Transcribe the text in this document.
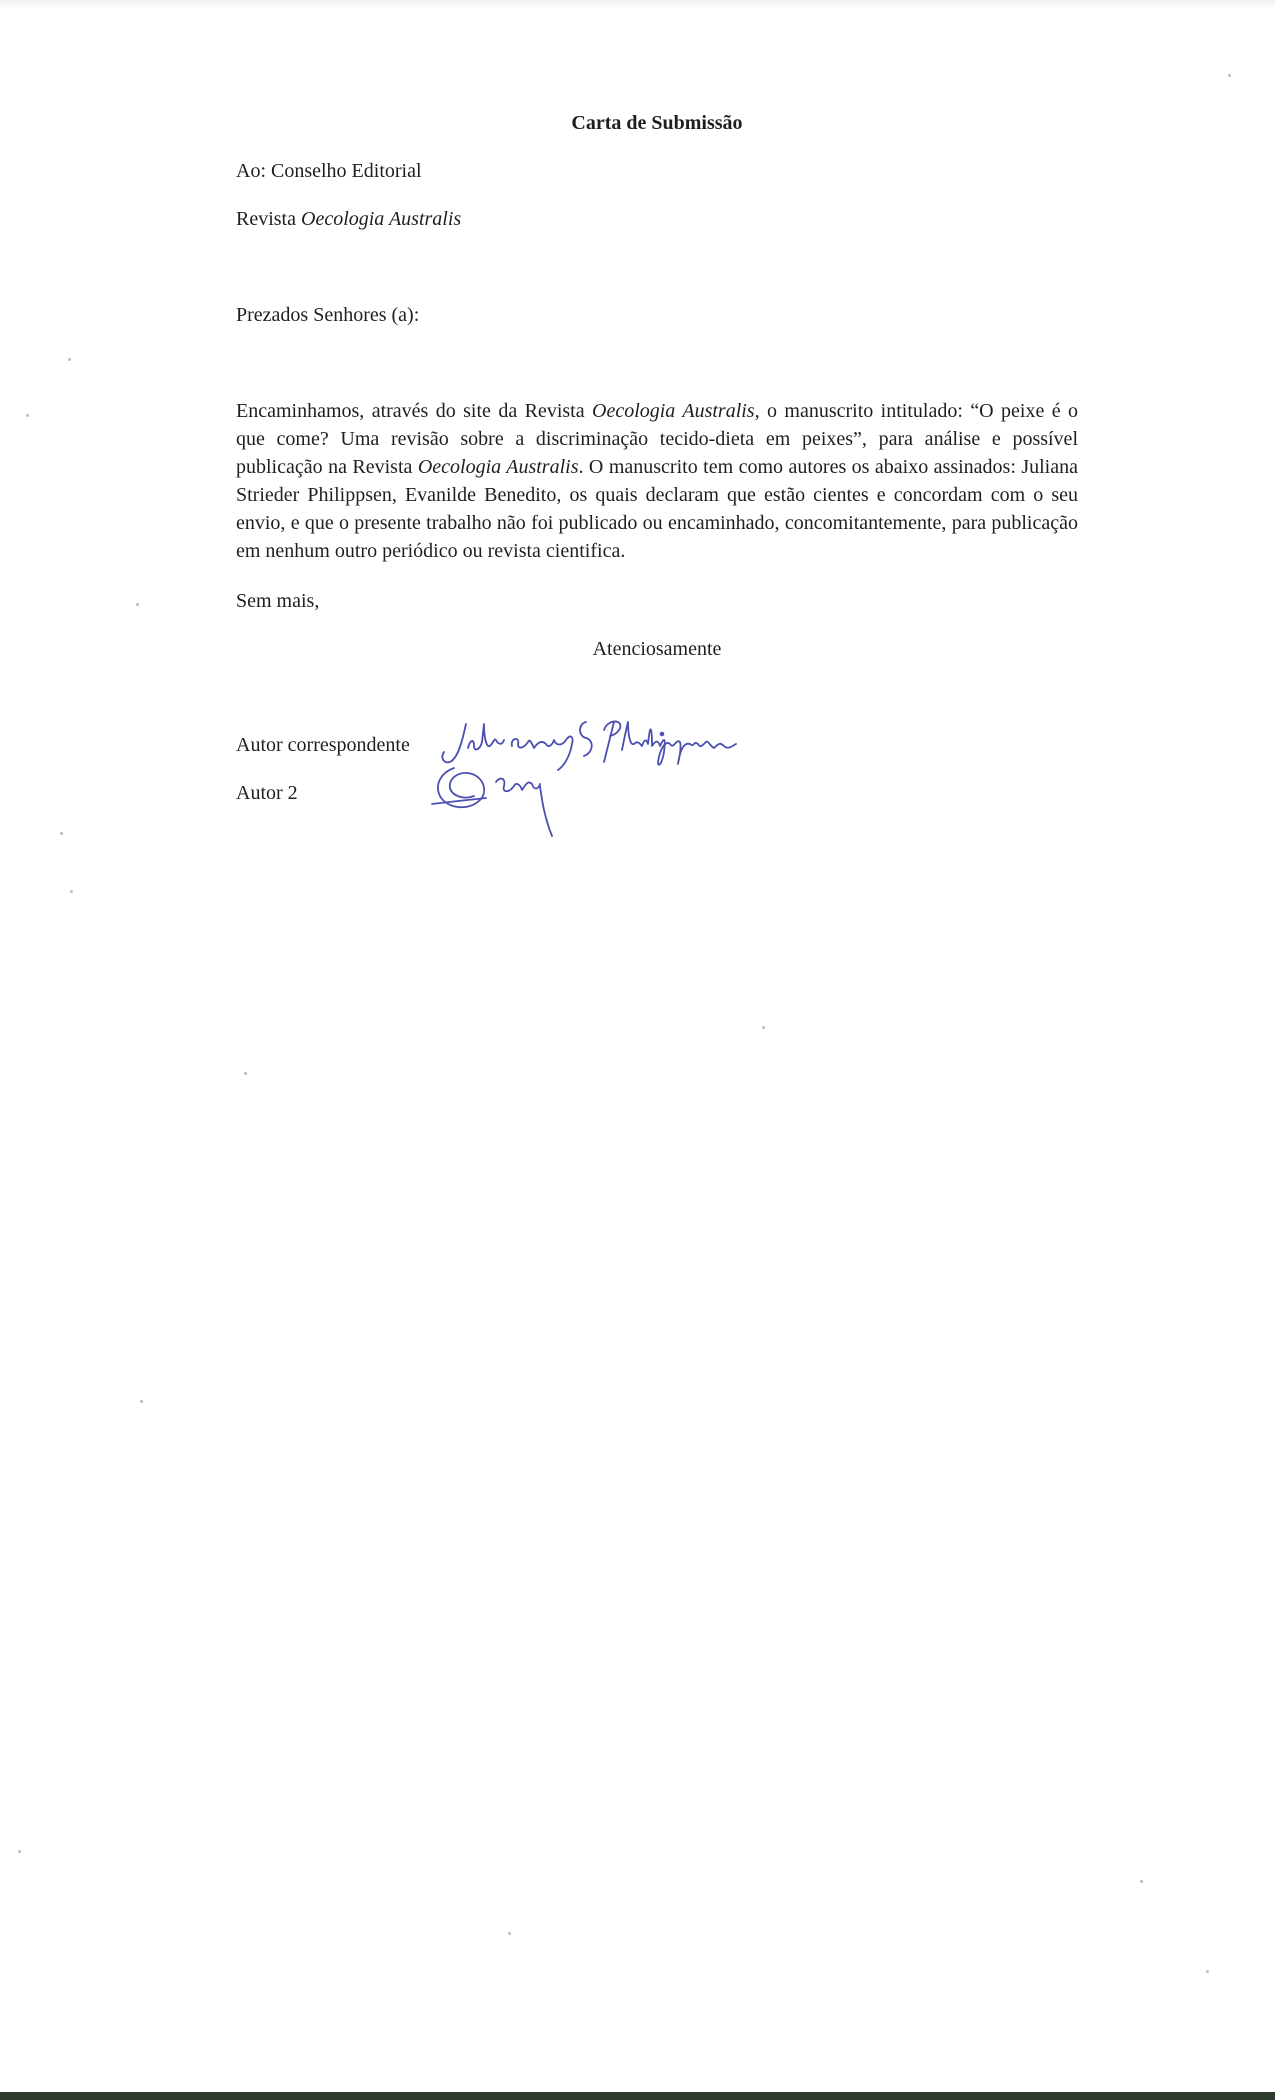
Carta de Submissão
Ao: Conselho Editorial
Revista Oecologia Australis
Prezados Senhores (a):

Encaminhamos, através do site da Revista Oecologia Australis, o manuscrito intitulado: “O peixe é o que come? Uma revisão sobre a discriminação tecido-dieta em peixes”, para análise e possível publicação na Revista Oecologia Australis. O manuscrito tem como autores os abaixo assinados: Juliana Strieder Philippsen, Evanilde Benedito, os quais declaram que estão cientes e concordam com o seu envio, e que o presente trabalho não foi publicado ou encaminhado, concomitantemente, para publicação em nenhum outro periódico ou revista cientifica.

Sem mais,
Atenciosamente
Autor correspondente
Autor 2
